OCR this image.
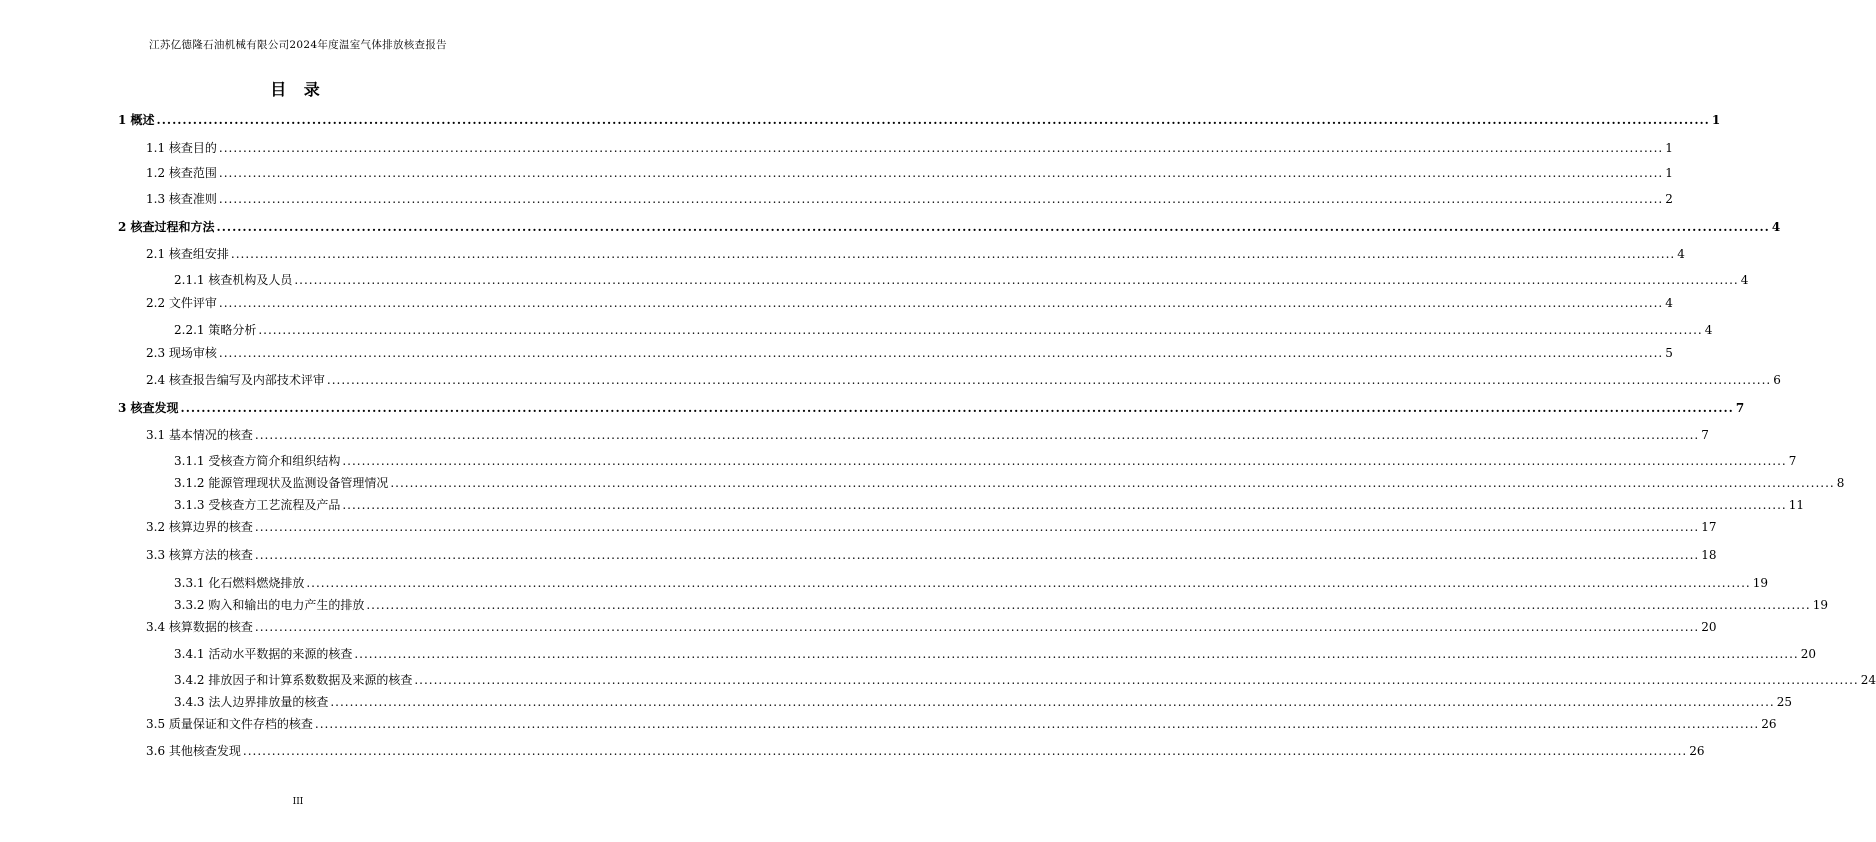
江苏亿德隆石油机械有限公司2024年度温室气体排放核查报告
目 录
1 概述 ............................................................................................................................................................................................................................................................................................................ 1
1.1 核查目的 ............................................................................................................................................................................................................................................................................................................ 1
1.2 核查范围 ............................................................................................................................................................................................................................................................................................................ 1
1.3 核查准则 ............................................................................................................................................................................................................................................................................................................ 2
2 核查过程和方法 ............................................................................................................................................................................................................................................................................................................ 4
2.1 核查组安排 ............................................................................................................................................................................................................................................................................................................ 4
2.1.1 核查机构及人员 ............................................................................................................................................................................................................................................................................................................ 4
2.2 文件评审 ............................................................................................................................................................................................................................................................................................................ 4
2.2.1 策略分析 ............................................................................................................................................................................................................................................................................................................ 4
2.3 现场审核 ............................................................................................................................................................................................................................................................................................................ 5
2.4 核查报告编写及内部技术评审 ............................................................................................................................................................................................................................................................................................................ 6
3 核查发现 ............................................................................................................................................................................................................................................................................................................ 7
3.1 基本情况的核查 ............................................................................................................................................................................................................................................................................................................ 7
3.1.1 受核查方简介和组织结构 ............................................................................................................................................................................................................................................................................................................ 7
3.1.2 能源管理现状及监测设备管理情况 ............................................................................................................................................................................................................................................................................................................ 8
3.1.3 受核查方工艺流程及产品 ............................................................................................................................................................................................................................................................................................................ 11
3.2 核算边界的核查 ............................................................................................................................................................................................................................................................................................................ 17
3.3 核算方法的核查 ............................................................................................................................................................................................................................................................................................................ 18
3.3.1 化石燃料燃烧排放 ............................................................................................................................................................................................................................................................................................................ 19
3.3.2 购入和输出的电力产生的排放 ............................................................................................................................................................................................................................................................................................................ 19
3.4 核算数据的核查 ............................................................................................................................................................................................................................................................................................................ 20
3.4.1 活动水平数据的来源的核查 ............................................................................................................................................................................................................................................................................................................ 20
3.4.2 排放因子和计算系数数据及来源的核查 ............................................................................................................................................................................................................................................................................................................ 24
3.4.3 法人边界排放量的核查 ............................................................................................................................................................................................................................................................................................................ 25
3.5 质量保证和文件存档的核查 ............................................................................................................................................................................................................................................................................................................ 26
3.6 其他核查发现 ............................................................................................................................................................................................................................................................................................................ 26
III
